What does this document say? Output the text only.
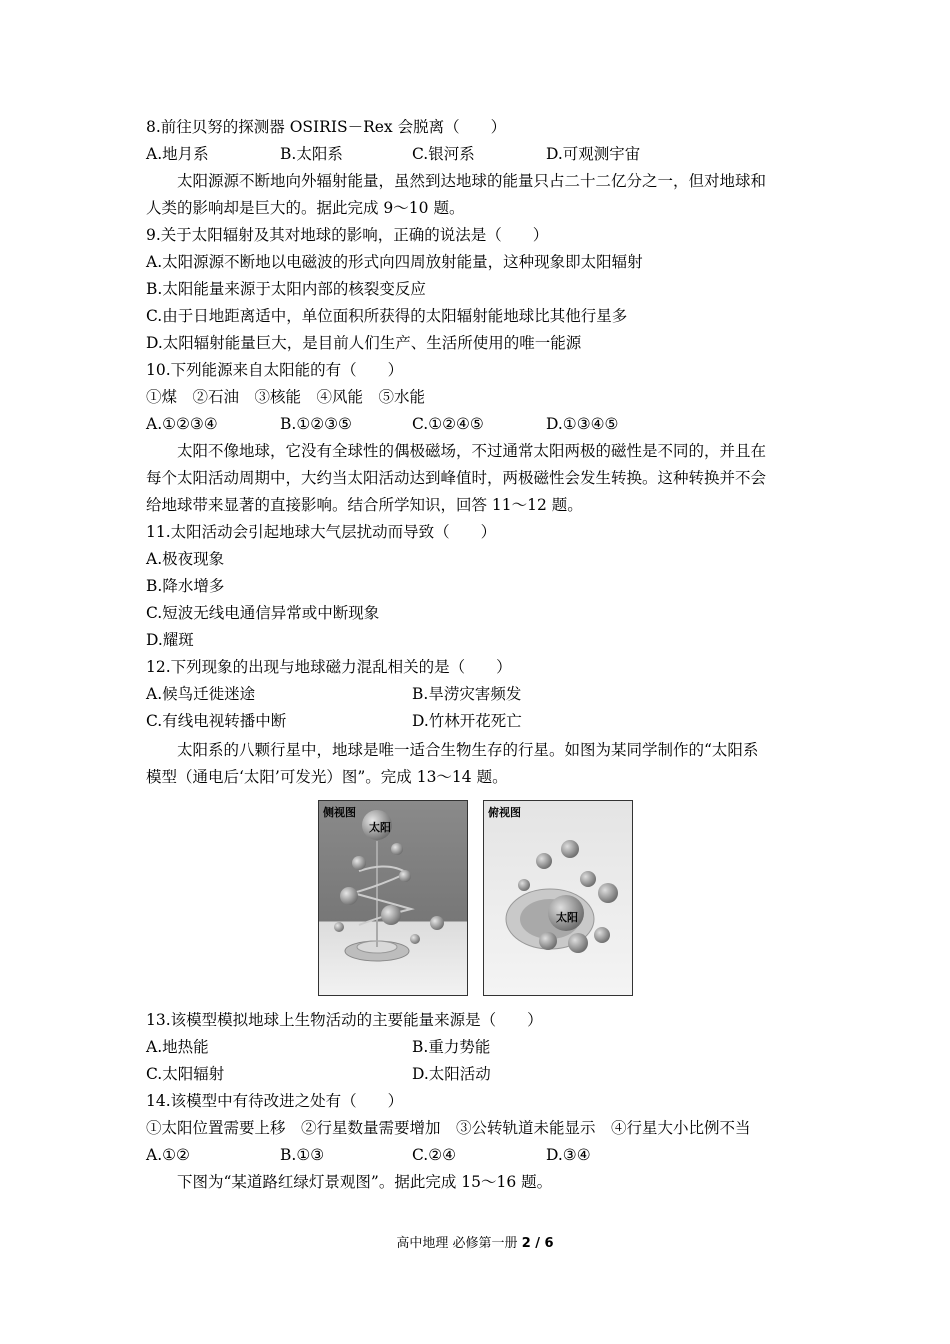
8.前往贝努的探测器 OSIRIS－Rex 会脱离（　　）
A.地月系	B.太阳系	C.银河系	D.可观测宇宙
太阳源源不断地向外辐射能量，虽然到达地球的能量只占二十二亿分之一，但对地球和
人类的影响却是巨大的。据此完成 9～10 题。
9.关于太阳辐射及其对地球的影响，正确的说法是（　　）
A.太阳源源不断地以电磁波的形式向四周放射能量，这种现象即太阳辐射
B.太阳能量来源于太阳内部的核裂变反应
C.由于日地距离适中，单位面积所获得的太阳辐射能地球比其他行星多
D.太阳辐射能量巨大，是目前人们生产、生活所使用的唯一能源
10.下列能源来自太阳能的有（　　）
①煤　②石油　③核能　④风能　⑤水能
A.①②③④	B.①②③⑤	C.①②④⑤	D.①③④⑤
太阳不像地球，它没有全球性的偶极磁场，不过通常太阳两极的磁性是不同的，并且在
每个太阳活动周期中，大约当太阳活动达到峰值时，两极磁性会发生转换。这种转换并不会
给地球带来显著的直接影响。结合所学知识，回答 11～12 题。
11.太阳活动会引起地球大气层扰动而导致（　　）
A.极夜现象
B.降水增多
C.短波无线电通信异常或中断现象
D.耀斑
12.下列现象的出现与地球磁力混乱相关的是（　　）
A.候鸟迁徙迷途	B.旱涝灾害频发
C.有线电视转播中断	D.竹林开花死亡
太阳系的八颗行星中，地球是唯一适合生物生存的行星。如图为某同学制作的“太阳系
模型（通电后‘太阳’可发光）图”。完成 13～14 题。
侧视图
太阳
俯视图
太阳
13.该模型模拟地球上生物活动的主要能量来源是（　　）
A.地热能	B.重力势能
C.太阳辐射	D.太阳活动
14.该模型中有待改进之处有（　　）
①太阳位置需要上移　②行星数量需要增加　③公转轨道未能显示　④行星大小比例不当
A.①②	B.①③	C.②④	D.③④
下图为“某道路红绿灯景观图”。据此完成 15～16 题。
高中地理 必修第一册 2 / 6
